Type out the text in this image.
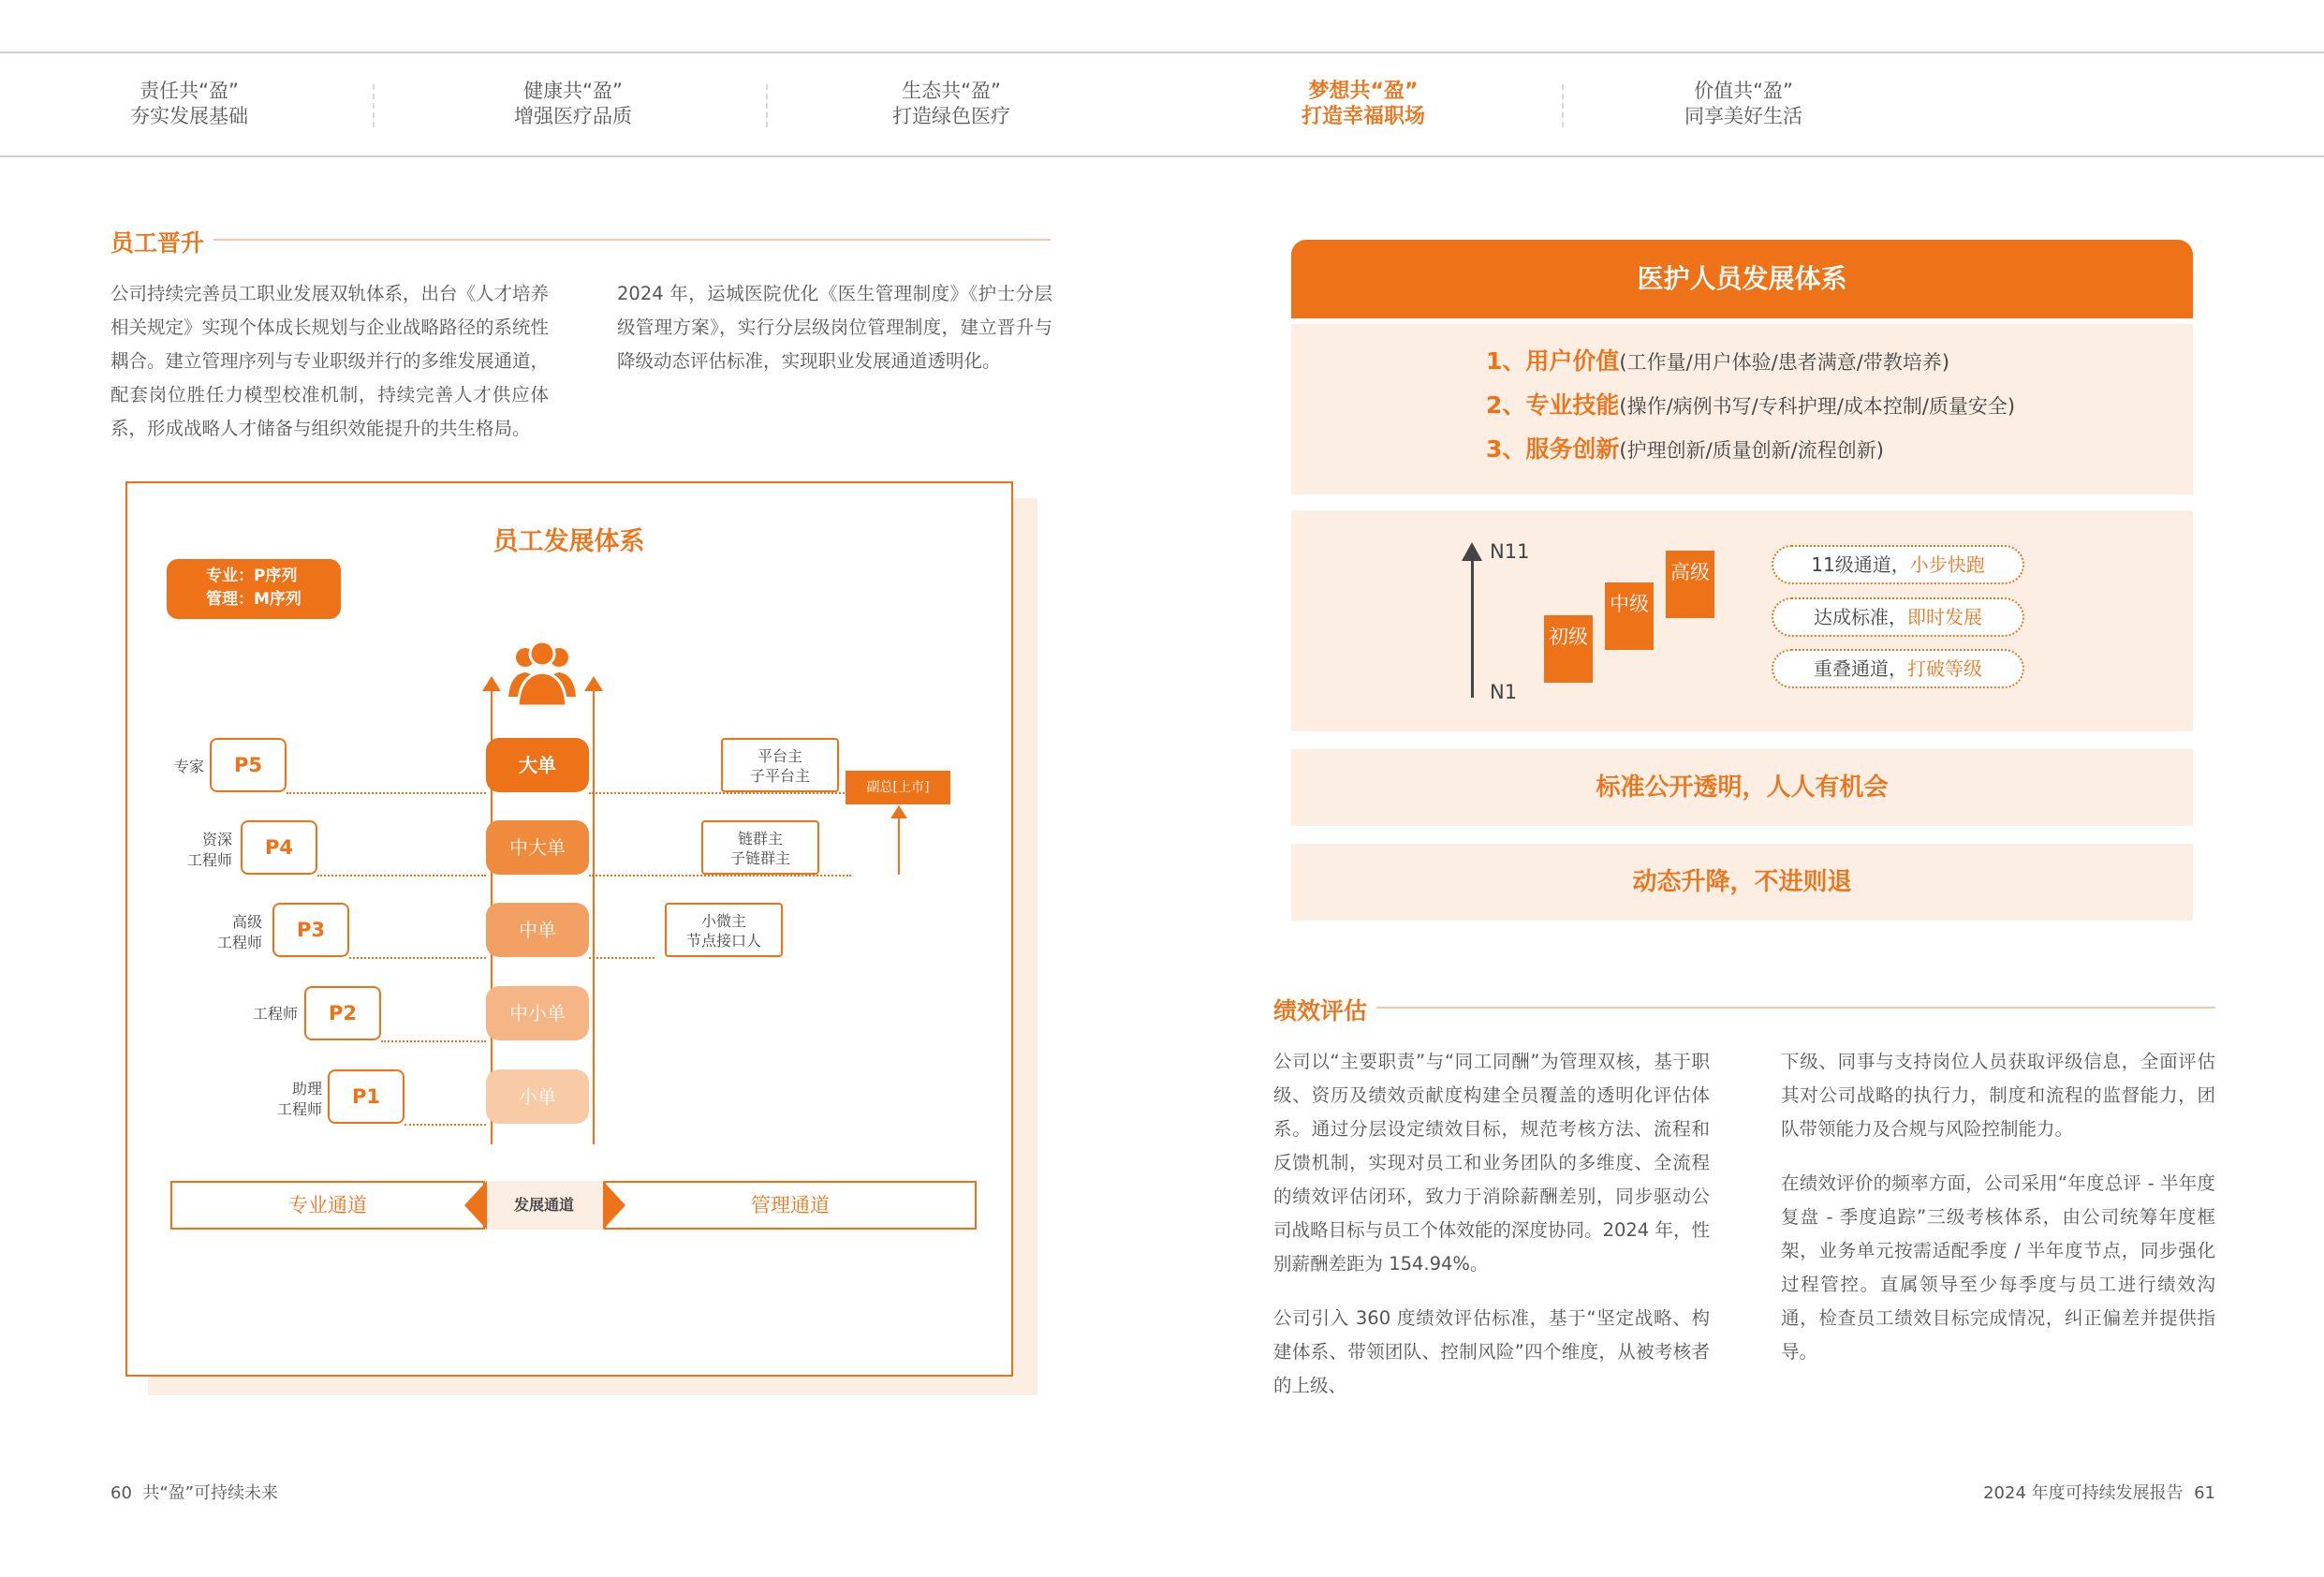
责任共“盈”
夯实发展基础
健康共“盈”
增强医疗品质
生态共“盈”
打造绿色医疗
梦想共“盈”
打造幸福职场
价值共“盈”
同享美好生活
员工晋升
公司持续完善员工职业发展双轨体系，出台《人才培养相关规定》实现个体成长规划与企业战略路径的系统性耦合。建立管理序列与专业职级并行的多维发展通道，配套岗位胜任力模型校准机制，持续完善人才供应体系，形成战略人才储备与组织效能提升的共生格局。
2024 年，运城医院优化《医生管理制度》《护士分层级管理方案》，实行分层级岗位管理制度，建立晋升与降级动态评估标准，实现职业发展通道透明化。
员工发展体系
专业：P序列
管理：M序列
专家	P5	大单
资深
工程师
P4	中大单
高级
工程师
P3	中单
工程师	P2	中小单
助理
工程师
P1	小单
平台主
子平台主
链群主
子链群主
小微主
节点接口人
副总[上市]
专业通道	管理通道
发展通道
医护人员发展体系
1、用户价值(工作量/用户体验/患者满意/带教培养)
2、专业技能(操作/病例书写/专科护理/成本控制/质量安全)
3、服务创新(护理创新/质量创新/流程创新)
N11
N1
初级
中级
高级	11级通道，小步快跑
达成标准，即时发展
重叠通道，打破等级
标准公开透明，人人有机会
动态升降，不进则退
绩效评估

公司以“主要职责”与“同工同酬”为管理双核，基于职级、资历及绩效贡献度构建全员覆盖的透明化评估体系。通过分层设定绩效目标，规范考核方法、流程和反馈机制，实现对员工和业务团队的多维度、全流程的绩效评估闭环，致力于消除薪酬差别，同步驱动公司战略目标与员工个体效能的深度协同。2024 年，性别薪酬差距为 154.94%。

公司引入 360 度绩效评估标准，基于“坚定战略、构建体系、带领团队、控制风险”四个维度，从被考核者的上级、

下级、同事与支持岗位人员获取评级信息，全面评估其对公司战略的执行力，制度和流程的监督能力，团队带领能力及合规与风险控制能力。

在绩效评价的频率方面，公司采用“年度总评 - 半年度复盘 - 季度追踪”三级考核体系，由公司统筹年度框架，业务单元按需适配季度 / 半年度节点，同步强化过程管控。直属领导至少每季度与员工进行绩效沟通，检查员工绩效目标完成情况，纠正偏差并提供指导。

60  共“盈”可持续未来	2024 年度可持续发展报告  61
